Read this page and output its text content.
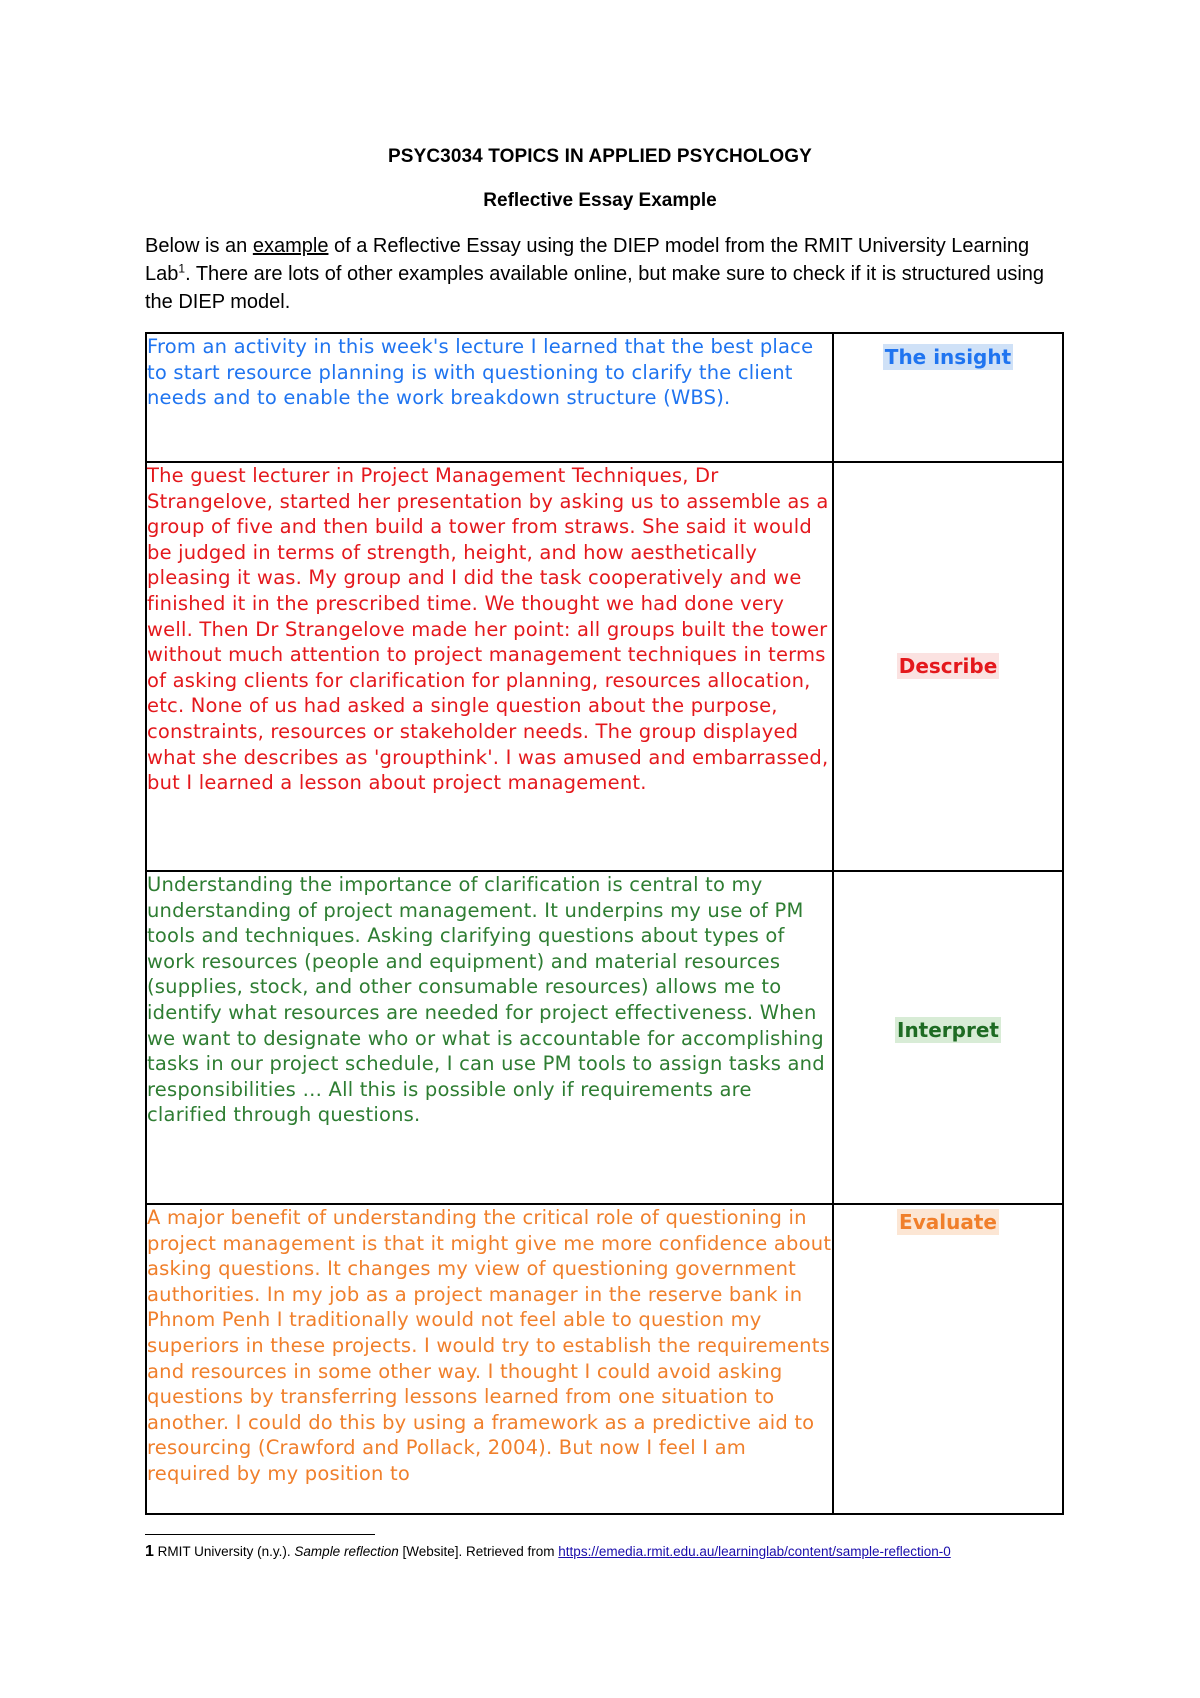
PSYC3034 TOPICS IN APPLIED PSYCHOLOGY
Reflective Essay Example
Below is an example of a Reflective Essay using the DIEP model from the RMIT University Learning Lab$^1$. There are lots of other examples available online, but make sure to check if it is structured using the DIEP model.
From an activity in this week's lecture I learned that the best place to start resource planning is with questioning to clarify the client needs and to enable the work breakdown structure (WBS).	The insight
The guest lecturer in Project Management Techniques, Dr Strangelove, started her presentation by asking us to assemble as a group of five and then build a tower from straws. She said it would be judged in terms of strength, height, and how aesthetically pleasing it was. My group and I did the task cooperatively and we finished it in the prescribed time. We thought we had done very well. Then Dr Strangelove made her point: all groups built the tower without much attention to project management techniques in terms of asking clients for clarification for planning, resources allocation, etc. None of us had asked a single question about the purpose, constraints, resources or stakeholder needs. The group displayed what she describes as 'groupthink'. I was amused and embarrassed, but I learned a lesson about project management.	Describe
Understanding the importance of clarification is central to my understanding of project management. It underpins my use of PM tools and techniques. Asking clarifying questions about types of work resources (people and equipment) and material resources (supplies, stock, and other consumable resources) allows me to identify what resources are needed for project effectiveness. When we want to designate who or what is accountable for accomplishing tasks in our project schedule, I can use PM tools to assign tasks and responsibilities … All this is possible only if requirements are clarified through questions.	Interpret
A major benefit of understanding the critical role of questioning in project management is that it might give me more confidence about asking questions. It changes my view of questioning government authorities. In my job as a project manager in the reserve bank in Phnom Penh I traditionally would not feel able to question my superiors in these projects. I would try to establish the requirements and resources in some other way. I thought I could avoid asking questions by transferring lessons learned from one situation to another. I could do this by using a framework as a predictive aid to resourcing (Crawford and Pollack, 2004). But now I feel I am required by my position to	Evaluate
1 RMIT University (n.y.). Sample reflection [Website]. Retrieved from https://emedia.rmit.edu.au/learninglab/content/sample-reflection-0
